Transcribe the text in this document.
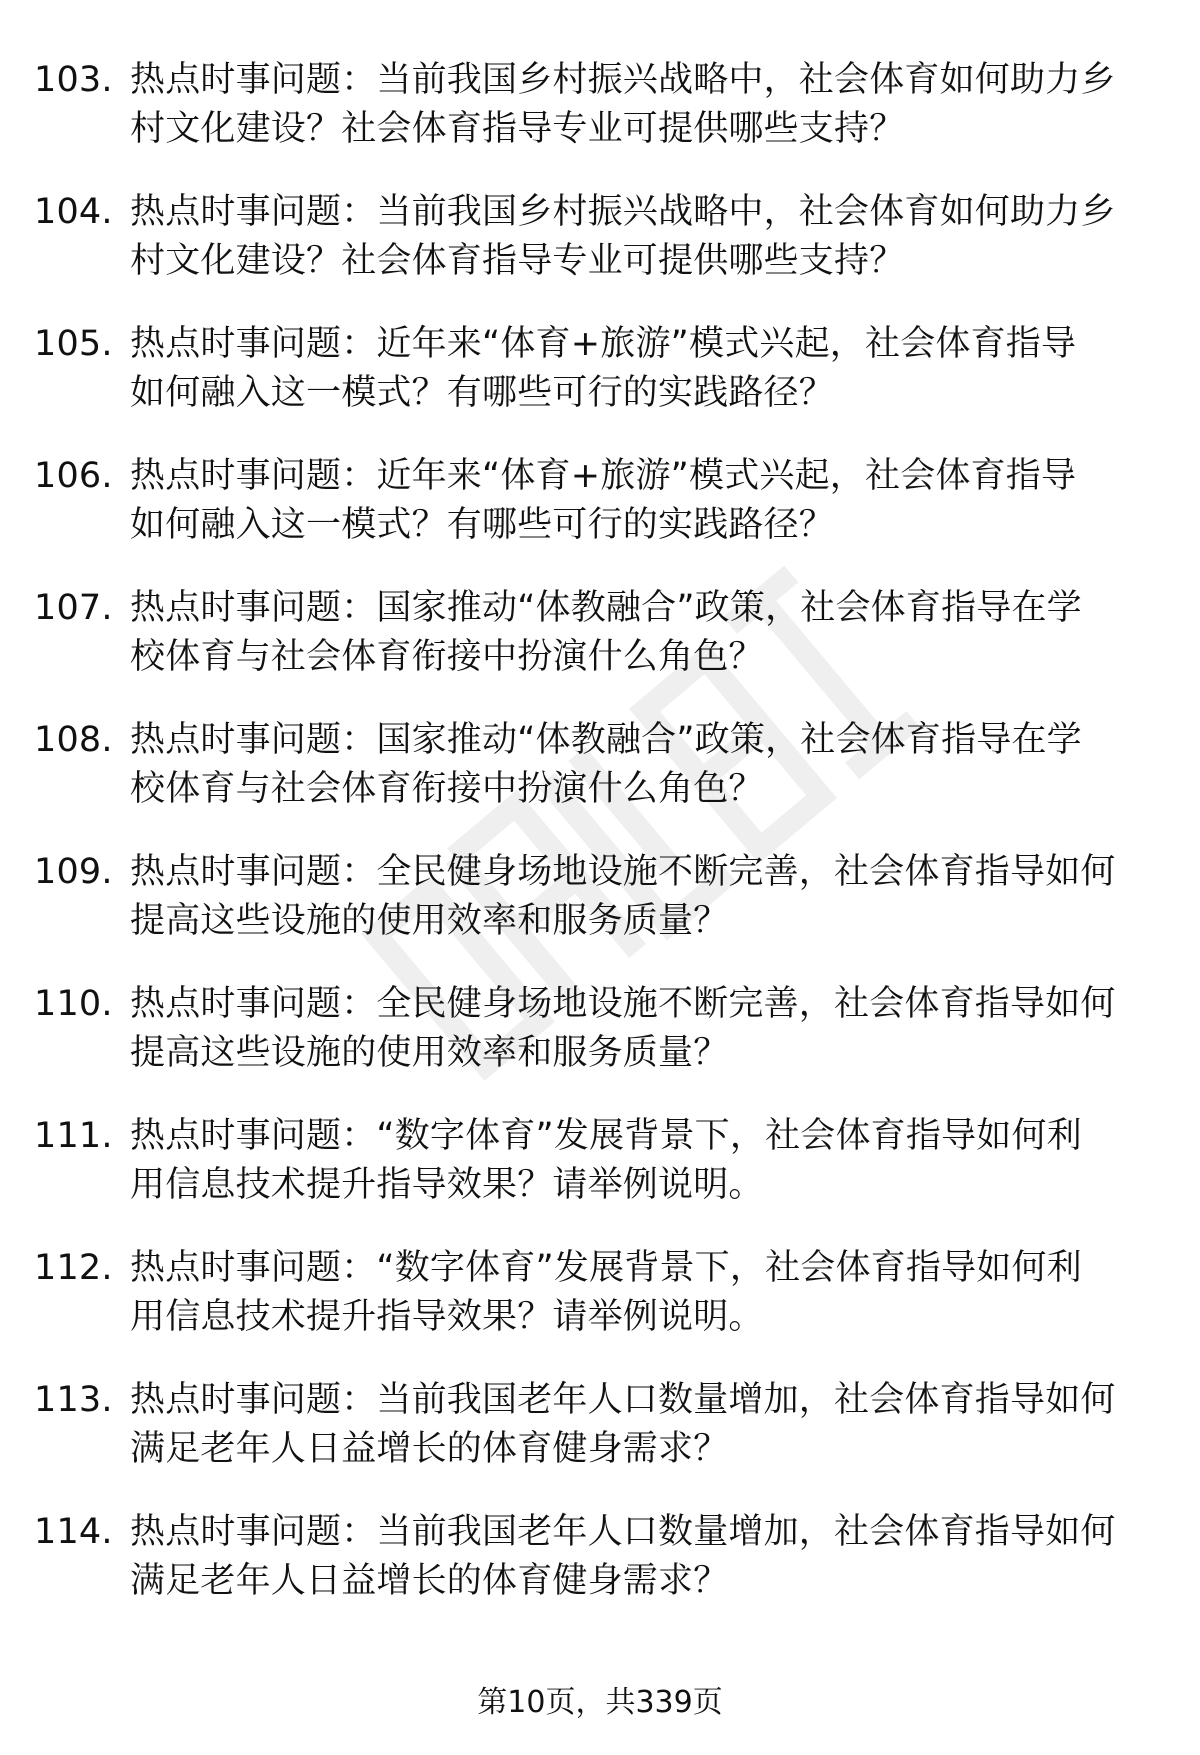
103. 热点时事问题：当前我国乡村振兴战略中，社会体育如何助力乡
村文化建设？社会体育指导专业可提供哪些支持？
104. 热点时事问题：当前我国乡村振兴战略中，社会体育如何助力乡
村文化建设？社会体育指导专业可提供哪些支持？
105. 热点时事问题：近年来“体育+旅游”模式兴起，社会体育指导
如何融入这一模式？有哪些可行的实践路径？
106. 热点时事问题：近年来“体育+旅游”模式兴起，社会体育指导
如何融入这一模式？有哪些可行的实践路径？
107. 热点时事问题：国家推动“体教融合”政策，社会体育指导在学
校体育与社会体育衔接中扮演什么角色？
108. 热点时事问题：国家推动“体教融合”政策，社会体育指导在学
校体育与社会体育衔接中扮演什么角色？
109. 热点时事问题：全民健身场地设施不断完善，社会体育指导如何
提高这些设施的使用效率和服务质量？
110. 热点时事问题：全民健身场地设施不断完善，社会体育指导如何
提高这些设施的使用效率和服务质量？
111. 热点时事问题：“数字体育”发展背景下，社会体育指导如何利
用信息技术提升指导效果？请举例说明。
112. 热点时事问题：“数字体育”发展背景下，社会体育指导如何利
用信息技术提升指导效果？请举例说明。
113. 热点时事问题：当前我国老年人口数量增加，社会体育指导如何
满足老年人日益增长的体育健身需求？
114. 热点时事问题：当前我国老年人口数量增加，社会体育指导如何
满足老年人日益增长的体育健身需求？
第10页，共339页
